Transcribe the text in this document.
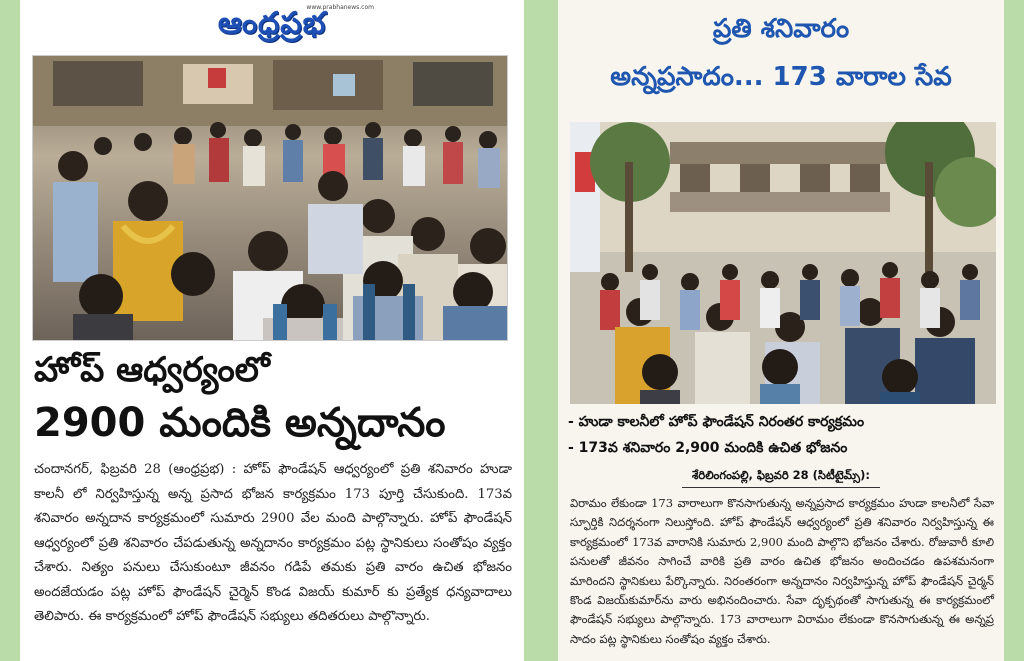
ఆంధ్రప్రభ
www.prabhanews.com
హోప్ ఆధ్వర్యంలో
2900 మందికి అన్నదానం
చందానగర్, ఫిబ్రవరి 28 (ఆంధ్రప్రభ) : హోప్ ఫౌండేషన్ ఆధ్వర్యంలో ప్రతి శనివారం హుడా కాలనీ లో నిర్వహిస్తున్న అన్న ప్రసాద భోజన కార్యక్రమం 173 పూర్తి చేసుకుంది. 173వ శనివారం అన్నదాన కార్యక్రమంలో సుమారు 2900 వేల మంది పాల్గొన్నారు. హోప్ ఫౌండేషన్ ఆధ్వర్యంలో ప్రతి శనివారం చేపడుతున్న అన్నదానం కార్యక్రమం పట్ల స్థానికులు సంతోషం వ్యక్తం చేశారు. నిత్యం పనులు చేసుకుంటూ జీవనం గడిపే తమకు ప్రతి వారం ఉచిత భోజనం అందజేయడం పట్ల హోప్ ఫౌండేషన్ చైర్మెన్ కొండ విజయ్ కుమార్ కు ప్రత్యేక ధన్యవాదాలు తెలిపారు. ఈ కార్యక్రమంలో హోప్ ఫౌండేషన్ సభ్యులు తదితరులు పాల్గొన్నారు.
ప్రతి శనివారం
అన్నప్రసాదం... 173 వారాల సేవ
- హుడా కాలనీలో హోప్ ఫౌండేషన్ నిరంతర కార్యక్రమం
- 173వ శనివారం 2,900 మందికి ఉచిత భోజనం
శేరిలింగంపల్లి, ఫిబ్రవరి 28 (సిటీటైమ్స్):
విరామం లేకుండా 173 వారాలుగా కొనసాగుతున్న అన్నప్రసాద కార్యక్రమం హుడా కాలనీలో సేవా స్ఫూర్తికి నిదర్శనంగా నిలుస్తోంది. హోప్ ఫౌండేషన్ ఆధ్వర్యంలో ప్రతి శనివారం నిర్వహిస్తున్న ఈ కార్యక్రమంలో 173వ వారానికి సుమారు 2,900 మంది పాల్గొని భోజనం చేశారు. రోజువారీ కూలి పనులతో జీవనం సాగించే వారికి ప్రతి వారం ఉచిత భోజనం అందించడం ఉపశమనంగా మారిందని స్థానికులు పేర్కొన్నారు. నిరంతరంగా అన్నదానం నిర్వహిస్తున్న హోప్ ఫౌండేషన్ చైర్మన్ కొండ విజయ్‌కుమార్‌ను వారు అభినందించారు. సేవా దృక్పథంతో సాగుతున్న ఈ కార్యక్రమంలో ఫౌండేషన్ సభ్యులు పాల్గొన్నారు. 173 వారాలుగా విరామం లేకుండా కొనసాగుతున్న ఈ అన్నప్ర సాదం పట్ల స్థానికులు సంతోషం వ్యక్తం చేశారు.
